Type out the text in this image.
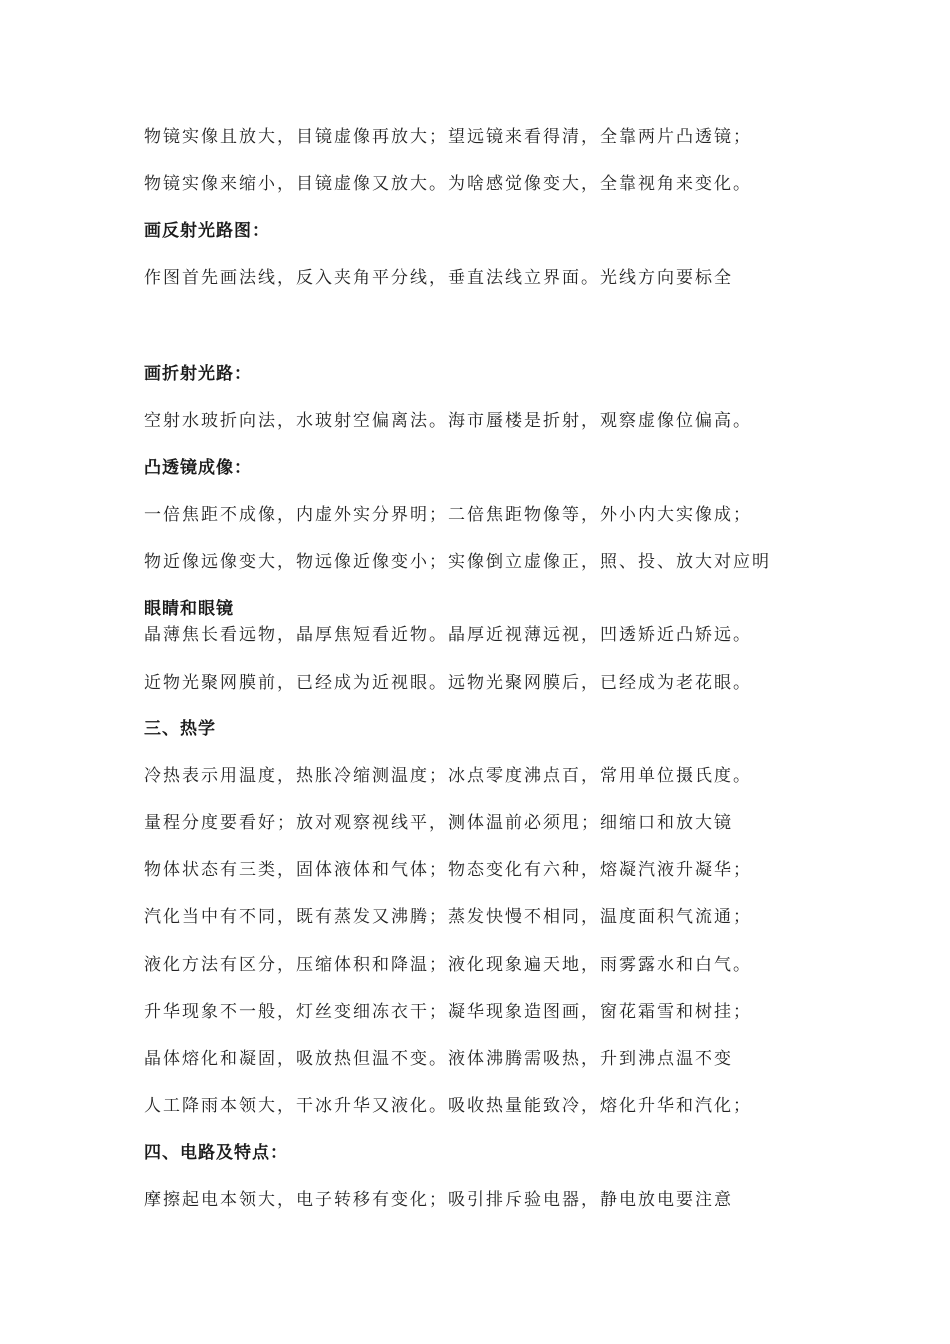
物镜实像且放大，目镜虚像再放大；望远镜来看得清，全靠两片凸透镜；
物镜实像来缩小，目镜虚像又放大。为啥感觉像变大，全靠视角来变化。
画反射光路图：
作图首先画法线，反入夹角平分线，垂直法线立界面。光线方向要标全
画折射光路：
空射水玻折向法，水玻射空偏离法。海市蜃楼是折射，观察虚像位偏高。
凸透镜成像：
一倍焦距不成像，内虚外实分界明；二倍焦距物像等，外小内大实像成；
物近像远像变大，物远像近像变小；实像倒立虚像正，照、投、放大对应明
眼睛和眼镜
晶薄焦长看远物，晶厚焦短看近物。晶厚近视薄远视，凹透矫近凸矫远。
近物光聚网膜前，已经成为近视眼。远物光聚网膜后，已经成为老花眼。
三、热学
冷热表示用温度，热胀冷缩测温度；冰点零度沸点百，常用单位摄氏度。
量程分度要看好；放对观察视线平，测体温前必须甩；细缩口和放大镜
物体状态有三类，固体液体和气体；物态变化有六种，熔凝汽液升凝华；
汽化当中有不同，既有蒸发又沸腾；蒸发快慢不相同，温度面积气流通；
液化方法有区分，压缩体积和降温；液化现象遍天地，雨雾露水和白气。
升华现象不一般，灯丝变细冻衣干；凝华现象造图画，窗花霜雪和树挂；
晶体熔化和凝固，吸放热但温不变。液体沸腾需吸热，升到沸点温不变
人工降雨本领大，干冰升华又液化。吸收热量能致冷，熔化升华和汽化；
四、电路及特点：
摩擦起电本领大，电子转移有变化；吸引排斥验电器，静电放电要注意
